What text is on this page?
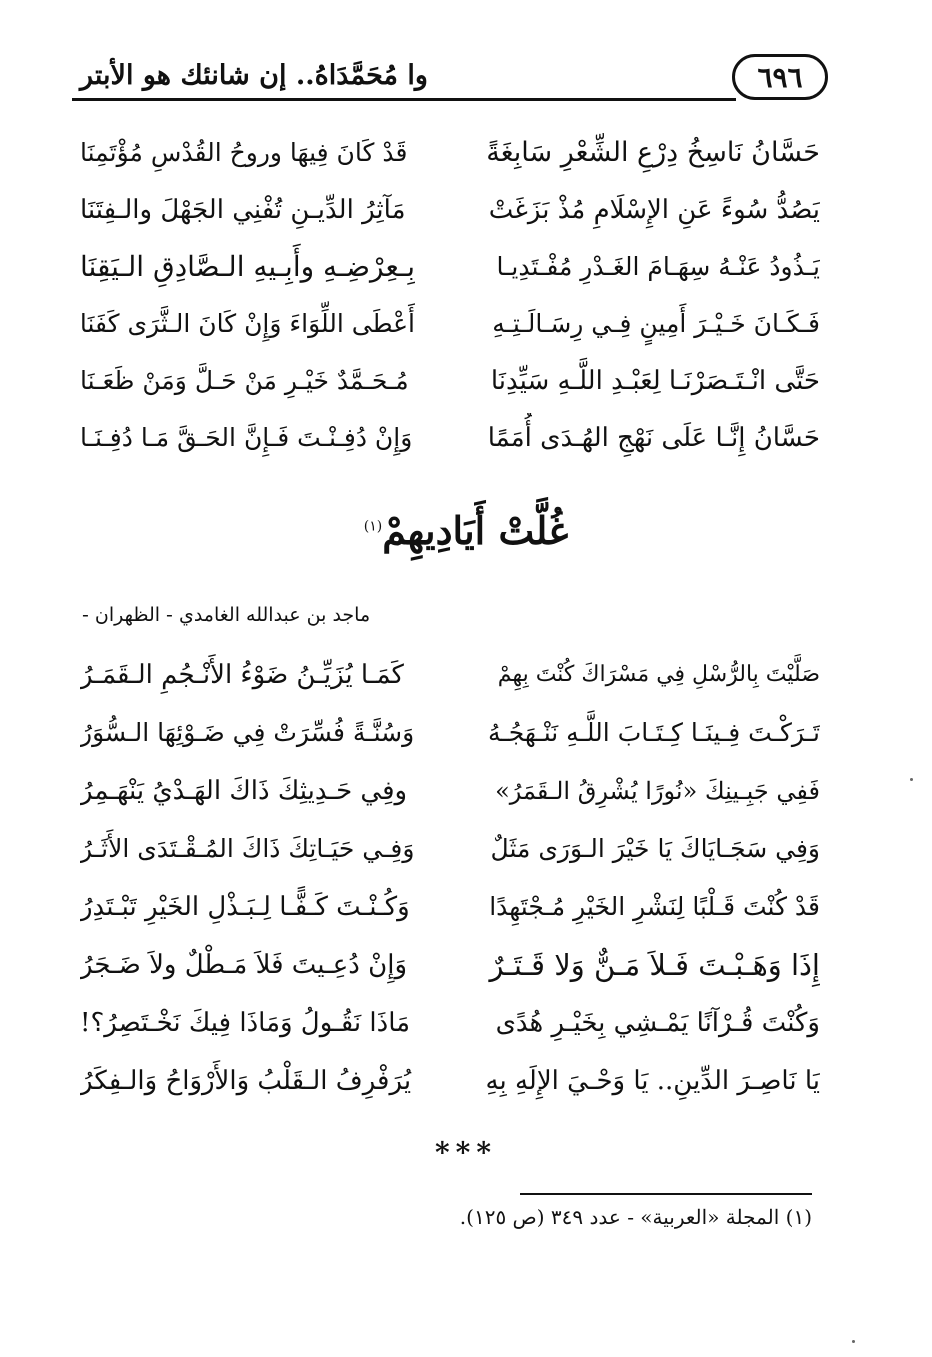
٦٩٦
وا مُحَمَّدَاهُ.. إن شانئك هو الأبتر
حَسَّانُ نَاسِخُ دِرْعِ الشِّعْرِ سَابِغَةً
قَدْ كَانَ فِيهَا وروحُ القُدْسِ مُؤْتَمِنَا
يَصُدُّ سُوءً عَنِ الإِسْلَامِ مُذْ بَزَغَتْ
مَآثِرُ الدِّيـنِ تُفْنِي الجَهْلَ والـفِتَنَا
يَـذُودُ عَنْـهُ سِهَـامَ الغَـدْرِ مُفْـتَدِيـا
بِـعِرْضِـهِ وأَبِـيهِ الـصَّادِقِ الـيَقِنَا
فَـكَـانَ خَـيْـرَ أَمِينٍ فِـي رِسَـالَـتِـهِ
أَعْطَى اللِّوَاءَ وَإِنْ كَانَ الـثَّرَى كَفَنَا
حَتَّى انْـتَـصَرْنَـا لِعَبْـدِ اللَّـهِ سَيِّدِنَا
مُـحَـمَّدٌ خَيْـرِ مَنْ حَـلَّ وَمَنْ ظَعَـنَا
حَسَّانُ إِنَّـا عَلَى نَهْجِ الهُـدَى أُمَمًا
وَإِنْ دُفِـنْـتَ فَـإِنَّ الحَـقَّ مَـا دُفِـنَـا
غُلَّتْ أَيَادِيهِمْ$^{(١)}$
ماجد بن عبدالله الغامدي - الظهران -
صَلَّيْتَ بِالرُّسْلِ فِي مَسْرَاكَ كُنْتَ بِهِمْ
كَمَـا يُزَيِّـنُ ضَوْءُ الأَنْـجُمِ الـقَمَـرُ
تَـرَكْـتَ فِـينَـا كِـتَـابَ اللَّـهِ نَنْـهَجُـهُ
وَسُنَّـةً فُسِّرَتْ فِي ضَـوْئِهَا الـسُّوَرُ
فَفِي جَبِـينِكَ «نُورًا يُشْرِقُ الـقَمَرُ»
وفِي حَـدِيثِكَ ذَاكَ الهَـدْيُ يَنْهَـمِرُ
وَفِي سَجَـايَاكَ يَا خَيْرَ الـوَرَى مَثَلٌ
وَفِـي حَيَـاتِكَ ذَاكَ المُـقْـتَدَى الأَثَـرُ
قَدْ كُنْتَ قَـلْبًا لِنَشْرِ الخَيْرِ مُـجْتَهِدًا
وَكُـنْـتَ كَـفًّـا لِـبَـذْلِ الخَيْرِ تَبْـتَدِرُ
إِذَا وَهَـبْـتَ فَـلاَ مَـنٌّ وَلا قَـتَـرٌ
وَإِنْ دُعِـيتَ فَلاَ مَـطْلٌ ولاَ ضَـجَرُ
وَكُنْتَ قُـرْآنًا يَمْـشِي بِخَيْـرِ هُدًى
مَاذَا نَقُـولُ وَمَاذَا فِيكَ نَخْـتَصِرُ؟!
يَا نَاصِـرَ الدِّينِ.. يَا وَحْـيَ الإِلَهِ بِهِ
يُرَفْرِفُ الـقَلْبُ وَالأَرْوَاحُ وَالـفِكَرُ
***
(١) المجلة «العربية» - عدد ٣٤٩ (ص ١٢٥).
